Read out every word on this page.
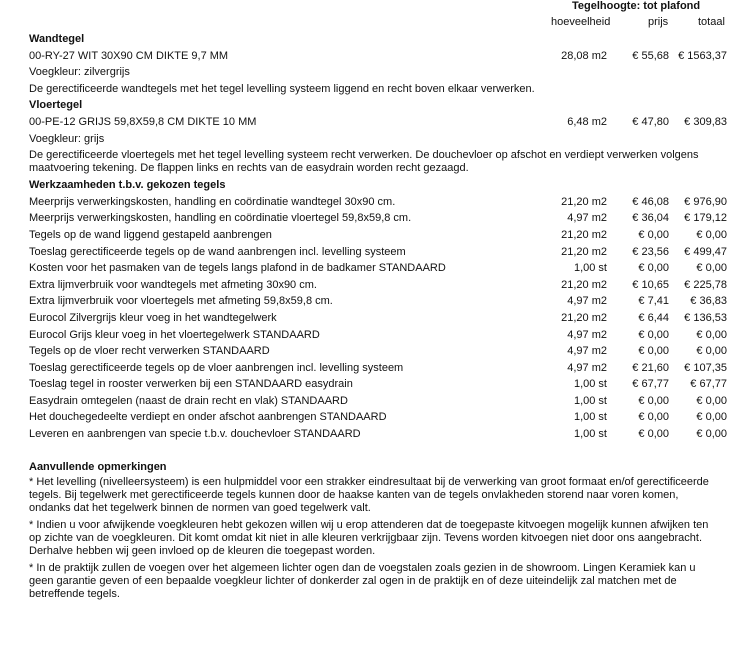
Tegelhoogte: tot plafond
hoeveelheid	prijs	totaal
Wandtegel
00-RY-27 WIT 30X90 CM DIKTE 9,7 MM	28,08 m2 € 55,68 € 1563,37
Voegkleur: zilvergrijs
De gerectificeerde wandtegels met het tegel levelling systeem liggend en recht boven elkaar verwerken.
Vloertegel
00-PE-12 GRIJS 59,8X59,8 CM DIKTE 10 MM	6,48 m2 € 47,80 € 309,83
Voegkleur: grijs
De gerectificeerde vloertegels met het tegel levelling systeem recht verwerken. De douchevloer op afschot en verdiept verwerken volgens maatvoering tekening. De flappen links en rechts van de easydrain worden recht gezaagd.
Werkzaamheden t.b.v. gekozen tegels
Meerprijs verwerkingskosten, handling en coördinatie wandtegel 30x90 cm.	21,20 m2 € 46,08 € 976,90
Meerprijs verwerkingskosten, handling en coördinatie vloertegel 59,8x59,8 cm.	4,97 m2 € 36,04 € 179,12
Tegels op de wand liggend gestapeld aanbrengen	21,20 m2	€ 0,00 € 0,00
Toeslag gerectificeerde tegels op de wand aanbrengen incl. levelling systeem	21,20 m2 € 23,56 € 499,47
Kosten voor het pasmaken van de tegels langs plafond in de badkamer STANDAARD	1,00 st	€ 0,00 € 0,00
Extra lijmverbruik voor wandtegels met afmeting 30x90 cm.	21,20 m2 € 10,65 € 225,78
Extra lijmverbruik voor vloertegels met afmeting 59,8x59,8 cm.	4,97 m2	€ 7,41 € 36,83
Eurocol Zilvergrijs kleur voeg in het wandtegelwerk	21,20 m2	€ 6,44 € 136,53
Eurocol Grijs kleur voeg in het vloertegelwerk STANDAARD	4,97 m2	€ 0,00 € 0,00
Tegels op de vloer recht verwerken STANDAARD	4,97 m2	€ 0,00 € 0,00
Toeslag gerectificeerde tegels op de vloer aanbrengen incl. levelling systeem	4,97 m2 € 21,60 € 107,35
Toeslag tegel in rooster verwerken bij een STANDAARD easydrain	1,00 st € 67,77 € 67,77
Easydrain omtegelen (naast de drain recht en vlak) STANDAARD	1,00 st	€ 0,00 € 0,00
Het douchegedeelte verdiept en onder afschot aanbrengen STANDAARD	1,00 st	€ 0,00 € 0,00
Leveren en aanbrengen van specie t.b.v. douchevloer STANDAARD	1,00 st	€ 0,00 € 0,00
Aanvullende opmerkingen
* Het levelling (nivelleersysteem) is een hulpmiddel voor een strakker eindresultaat bij de verwerking van groot formaat en/of gerectificeerde tegels. Bij tegelwerk met gerectificeerde tegels kunnen door de haakse kanten van de tegels onvlakheden storend naar voren komen, ondanks dat het tegelwerk binnen de normen van goed tegelwerk valt.
* Indien u voor afwijkende voegkleuren hebt gekozen willen wij u erop attenderen dat de toegepaste kitvoegen mogelijk kunnen afwijken ten op zichte van de voegkleuren. Dit komt omdat kit niet in alle kleuren verkrijgbaar zijn. Tevens worden kitvoegen niet door ons aangebracht. Derhalve hebben wij geen invloed op de kleuren die toegepast worden.
* In de praktijk zullen de voegen over het algemeen lichter ogen dan de voegstalen zoals gezien in de showroom. Lingen Keramiek kan u geen garantie geven of een bepaalde voegkleur lichter of donkerder zal ogen in de praktijk en of deze uiteindelijk zal matchen met de betreffende tegels.
